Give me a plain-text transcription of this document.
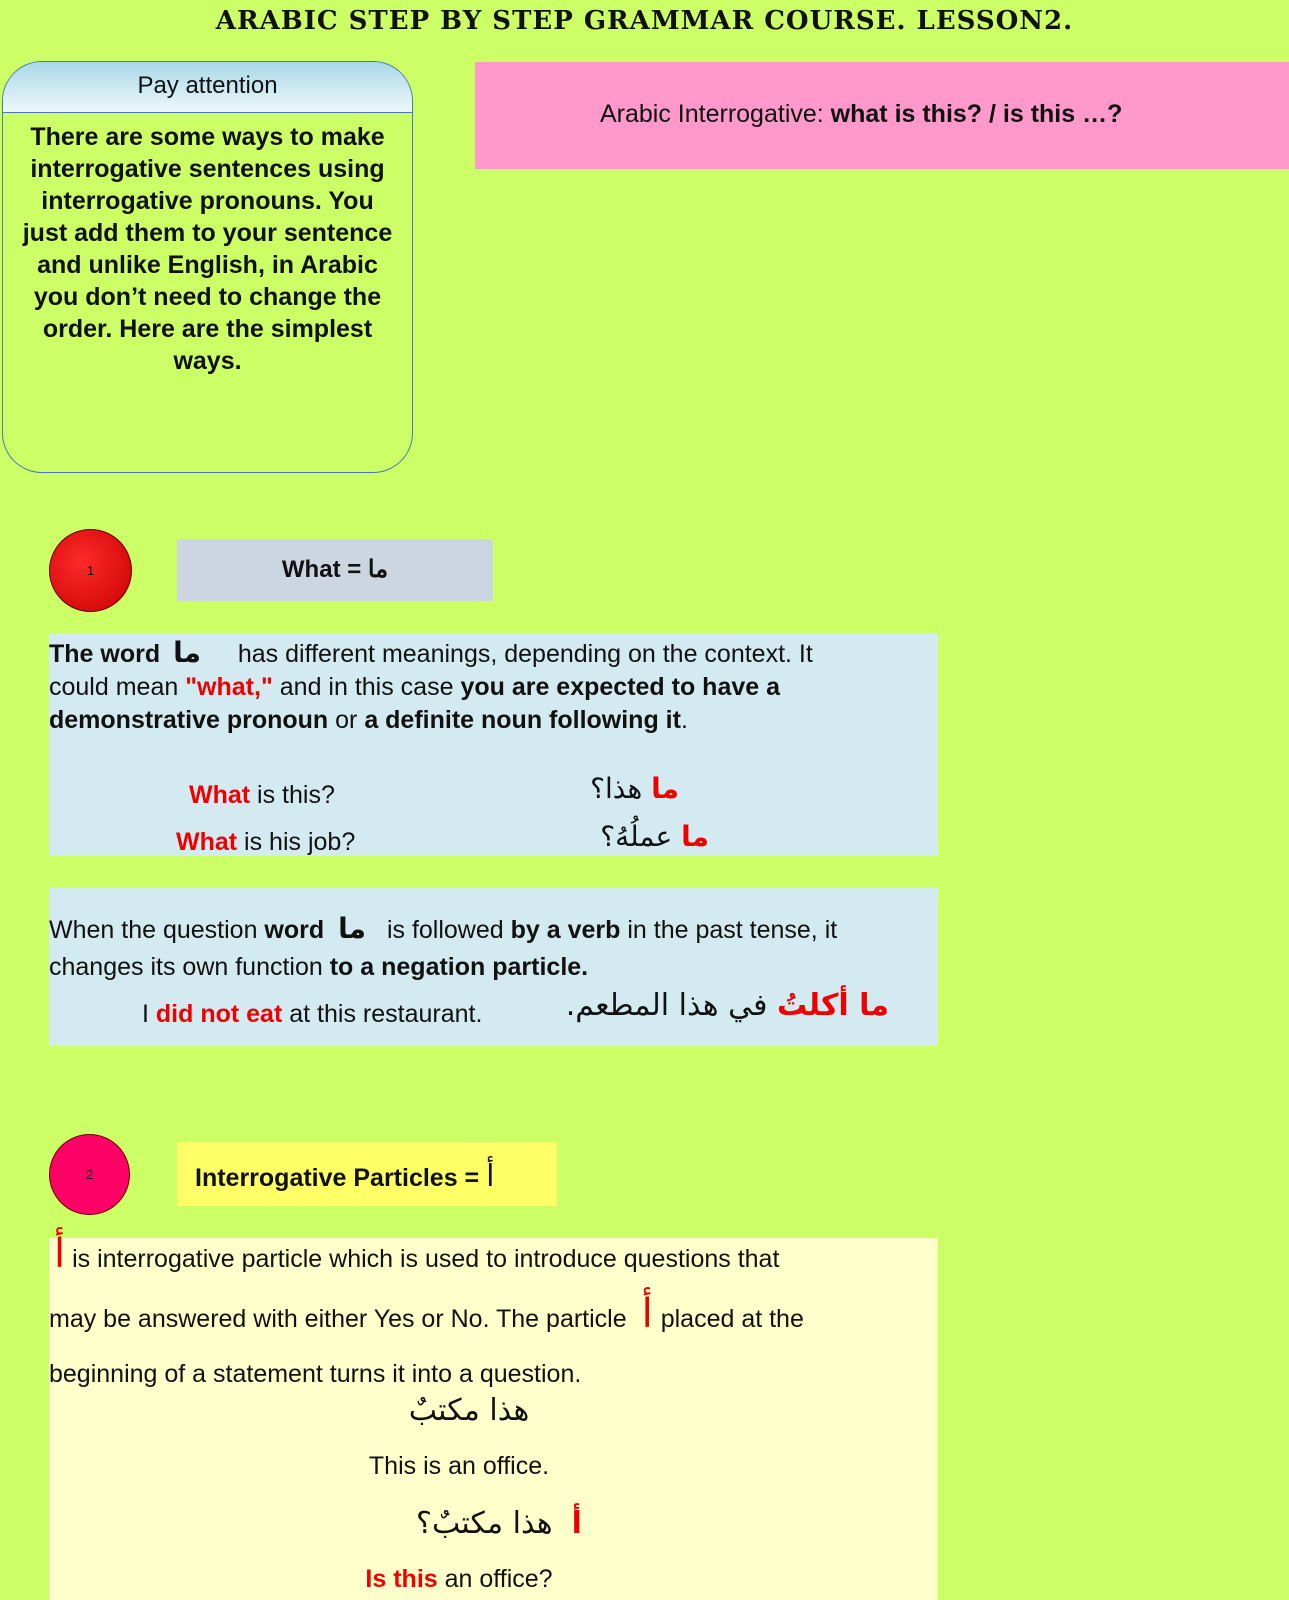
ARABIC STEP BY STEP GRAMMAR COURSE. LESSON2.
Pay attention
There are some ways to make interrogative sentences using interrogative pronouns. You just add them to your sentence and unlike English, in Arabic you don’t need to change the order. Here are the simplest ways.
Arabic Interrogative: what is this? / is this …?
1	What = ما
The word ما has different meanings, depending on the context. It could mean "what," and in this case you are expected to have a demonstrative pronoun or a definite noun following it.
What is this?	ما هذا؟
What is his job?	ما عملُهُ؟
When the question word ما is followed by a verb in the past tense, it changes its own function to a negation particle.
I did not eat at this restaurant.	ما أكلتُ في هذا المطعم.
2	Interrogative Particles = أ
أ is interrogative particle which is used to introduce questions that
may be answered with either Yes or No. The particle أ placed at the
beginning of a statement turns it into a question.
هذا مكتبٌ
This is an office.
أ  هذا مكتبٌ؟
Is this an office?
